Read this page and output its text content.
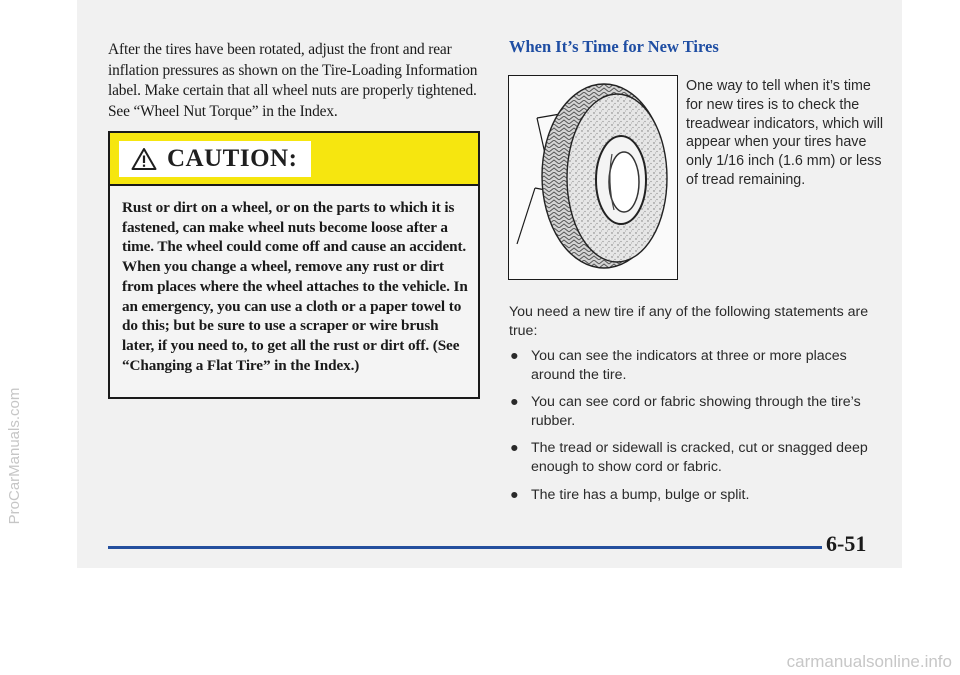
After the tires have been rotated, adjust the front and rear inflation pressures as shown on the Tire-Loading Information label. Make certain that all wheel nuts are properly tightened. See “Wheel Nut Torque” in the Index.
CAUTION:
Rust or dirt on a wheel, or on the parts to which it is fastened, can make wheel nuts become loose after a time. The wheel could come off and cause an accident. When you change a wheel, remove any rust or dirt from places where the wheel attaches to the vehicle. In an emergency, you can use a cloth or a paper towel to do this; but be sure to use a scraper or wire brush later, if you need to, to get all the rust or dirt off. (See “Changing a Flat Tire” in the Index.)
When It’s Time for New Tires
One way to tell when it’s time for new tires is to check the treadwear indicators, which will appear when your tires have only 1/16 inch (1.6 mm) or less of tread remaining.
You need a new tire if any of the following statements are true:
● You can see the indicators at three or more places around the tire.
● You can see cord or fabric showing through the tire’s rubber.
● The tread or sidewall is cracked, cut or snagged deep enough to show cord or fabric.
● The tire has a bump, bulge or split.
6-51
ProCarManuals.com
carmanualsonline.info
